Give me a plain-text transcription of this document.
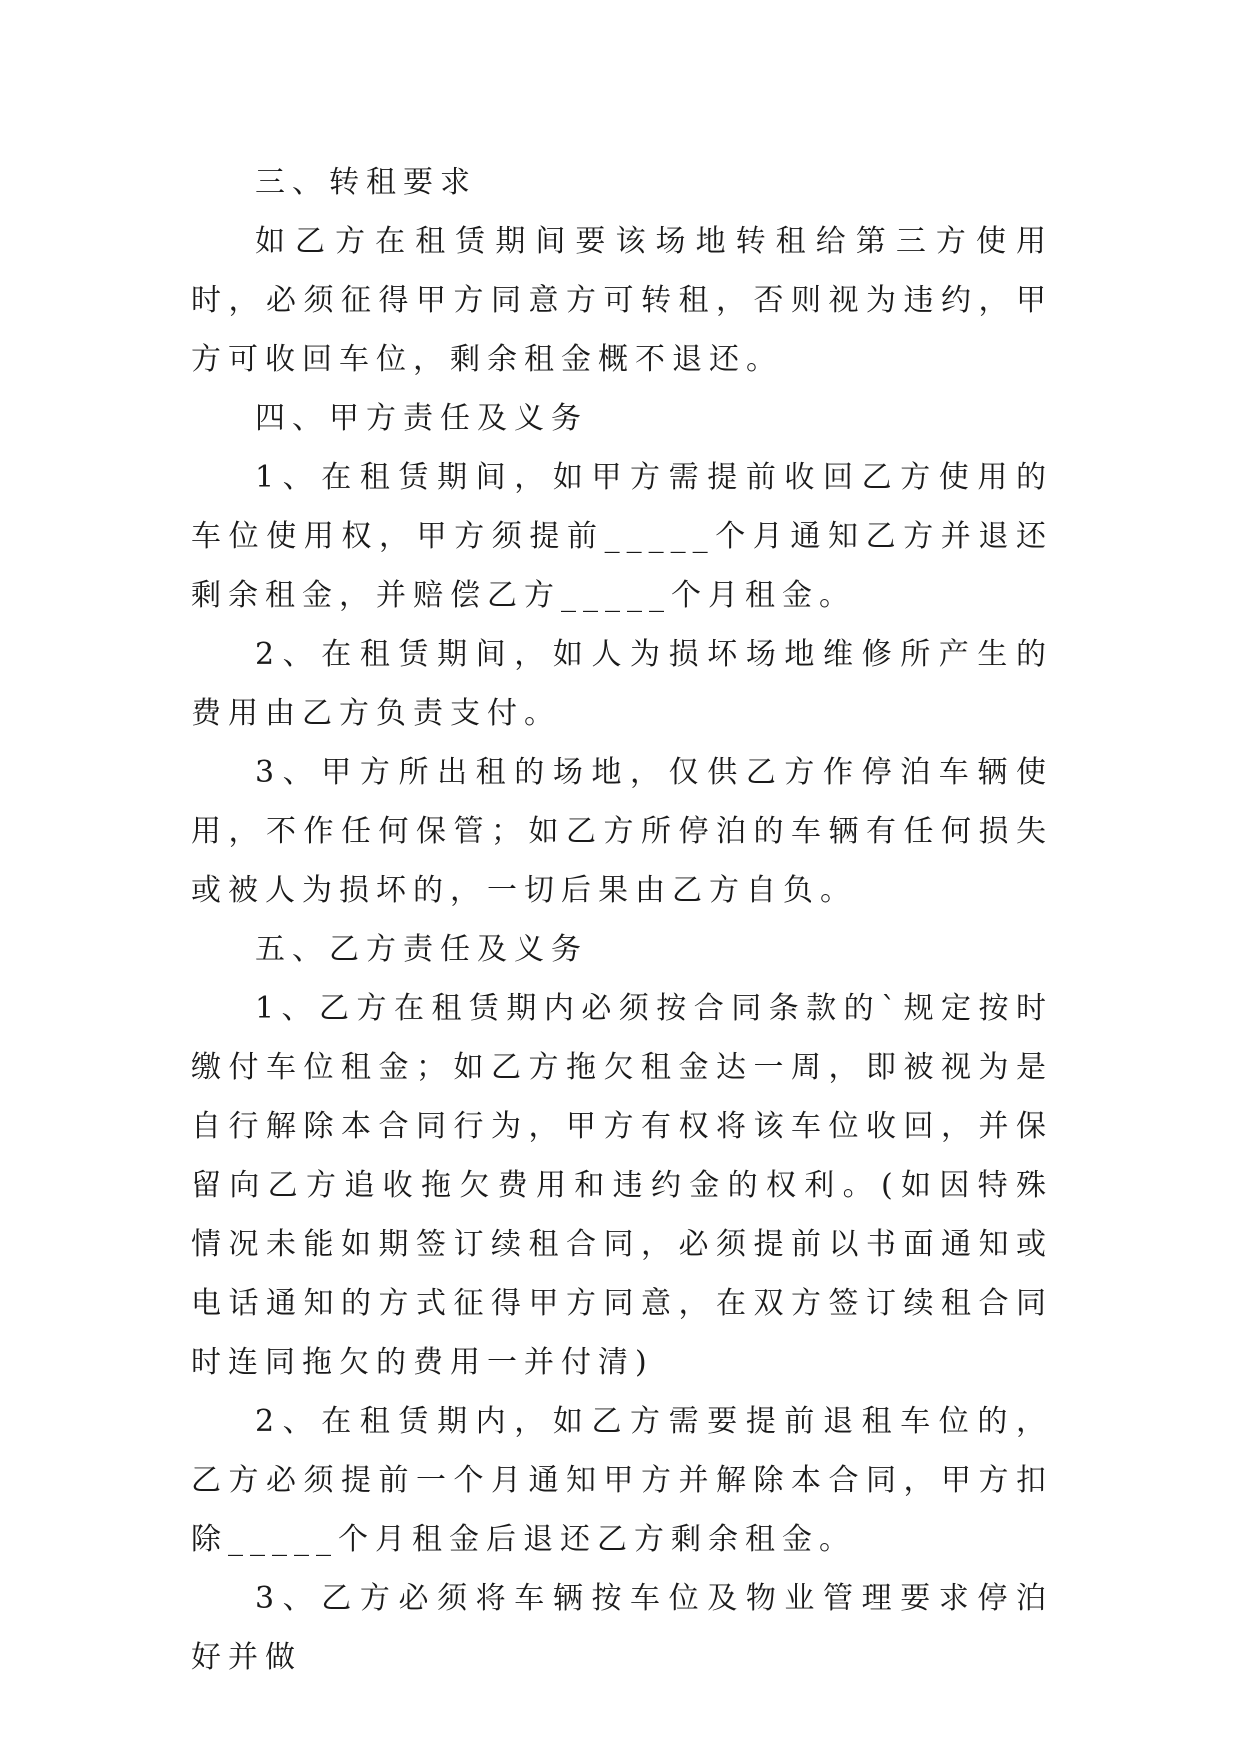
三、转租要求

如乙方在租赁期间要该场地转租给第三方使用时，必须征得甲方同意方可转租，否则视为违约，甲方可收回车位，剩余租金概不退还。

四、甲方责任及义务

1、在租赁期间，如甲方需提前收回乙方使用的车位使用权，甲方须提前_____个月通知乙方并退还剩余租金，并赔偿乙方_____个月租金。

2、在租赁期间，如人为损坏场地维修所产生的费用由乙方负责支付。

3、甲方所出租的场地，仅供乙方作停泊车辆使用，不作任何保管；如乙方所停泊的车辆有任何损失或被人为损坏的，一切后果由乙方自负。

五、乙方责任及义务

1、乙方在租赁期内必须按合同条款的`规定按时缴付车位租金；如乙方拖欠租金达一周，即被视为是自行解除本合同行为，甲方有权将该车位收回，并保留向乙方追收拖欠费用和违约金的权利。(如因特殊情况未能如期签订续租合同，必须提前以书面通知或电话通知的方式征得甲方同意，在双方签订续租合同时连同拖欠的费用一并付清)

2、在租赁期内，如乙方需要提前退租车位的，乙方必须提前一个月通知甲方并解除本合同，甲方扣除_____个月租金后退还乙方剩余租金。

3、乙方必须将车辆按车位及物业管理要求停泊好并做
